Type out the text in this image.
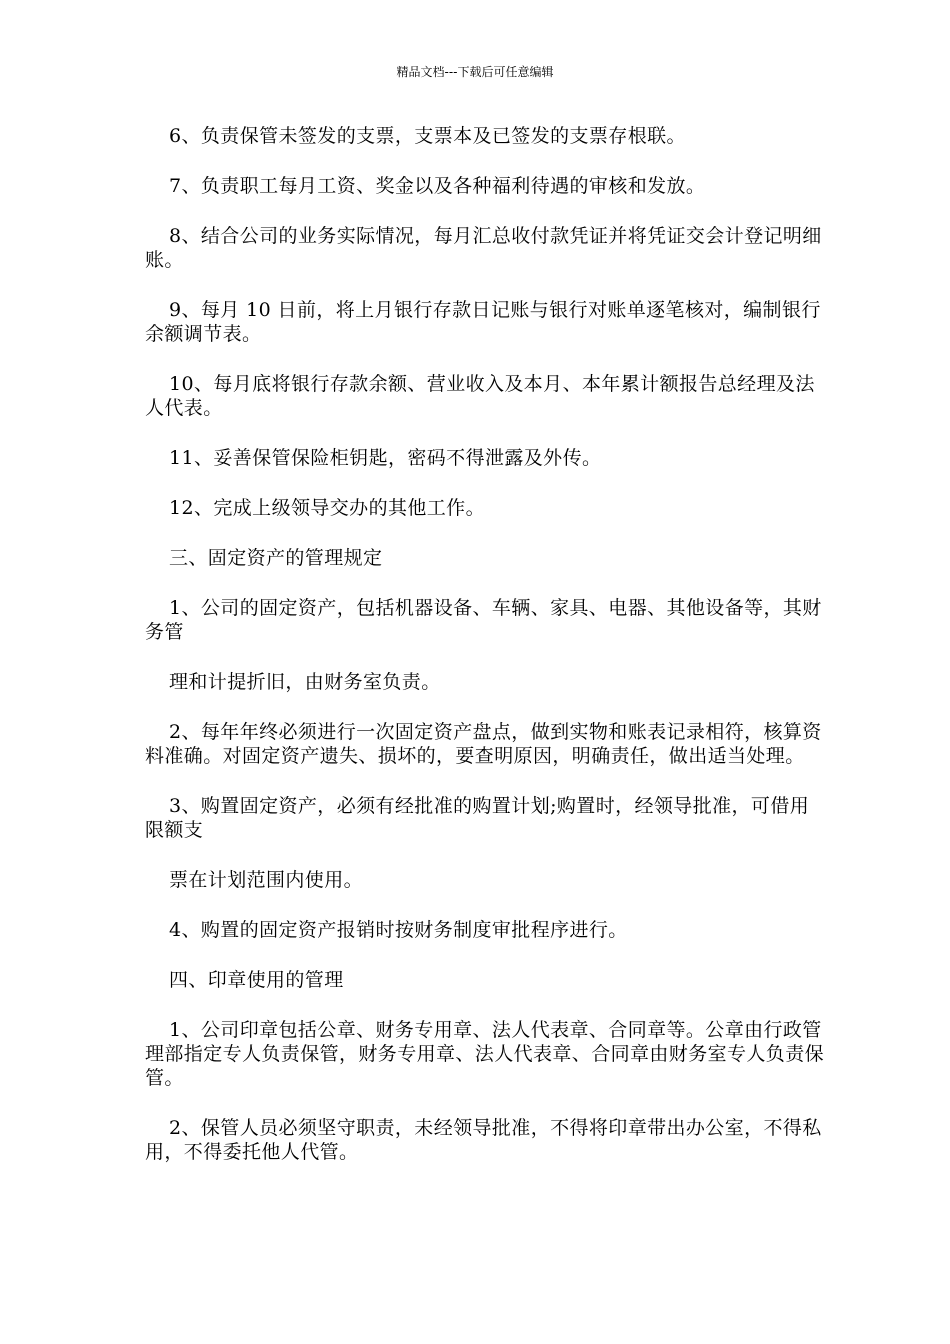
精品文档---下载后可任意编辑

6、负责保管未签发的支票，支票本及已签发的支票存根联。

7、负责职工每月工资、奖金以及各种福利待遇的审核和发放。

8、结合公司的业务实际情况，每月汇总收付款凭证并将凭证交会计登记明细账。

9、每月 10 日前，将上月银行存款日记账与银行对账单逐笔核对，编制银行余额调节表。

10、每月底将银行存款余额、营业收入及本月、本年累计额报告总经理及法人代表。

11、妥善保管保险柜钥匙，密码不得泄露及外传。

12、完成上级领导交办的其他工作。

三、固定资产的管理规定

1、公司的固定资产，包括机器设备、车辆、家具、电器、其他设备等，其财务管

理和计提折旧，由财务室负责。

2、每年年终必须进行一次固定资产盘点，做到实物和账表记录相符，核算资料准确。对固定资产遗失、损坏的，要查明原因，明确责任，做出适当处理。

3、购置固定资产，必须有经批准的购置计划;购置时，经领导批准，可借用限额支

票在计划范围内使用。

4、购置的固定资产报销时按财务制度审批程序进行。

四、印章使用的管理

1、公司印章包括公章、财务专用章、法人代表章、合同章等。公章由行政管理部指定专人负责保管，财务专用章、法人代表章、合同章由财务室专人负责保管。

2、保管人员必须坚守职责，未经领导批准，不得将印章带出办公室，不得私用，不得委托他人代管。
